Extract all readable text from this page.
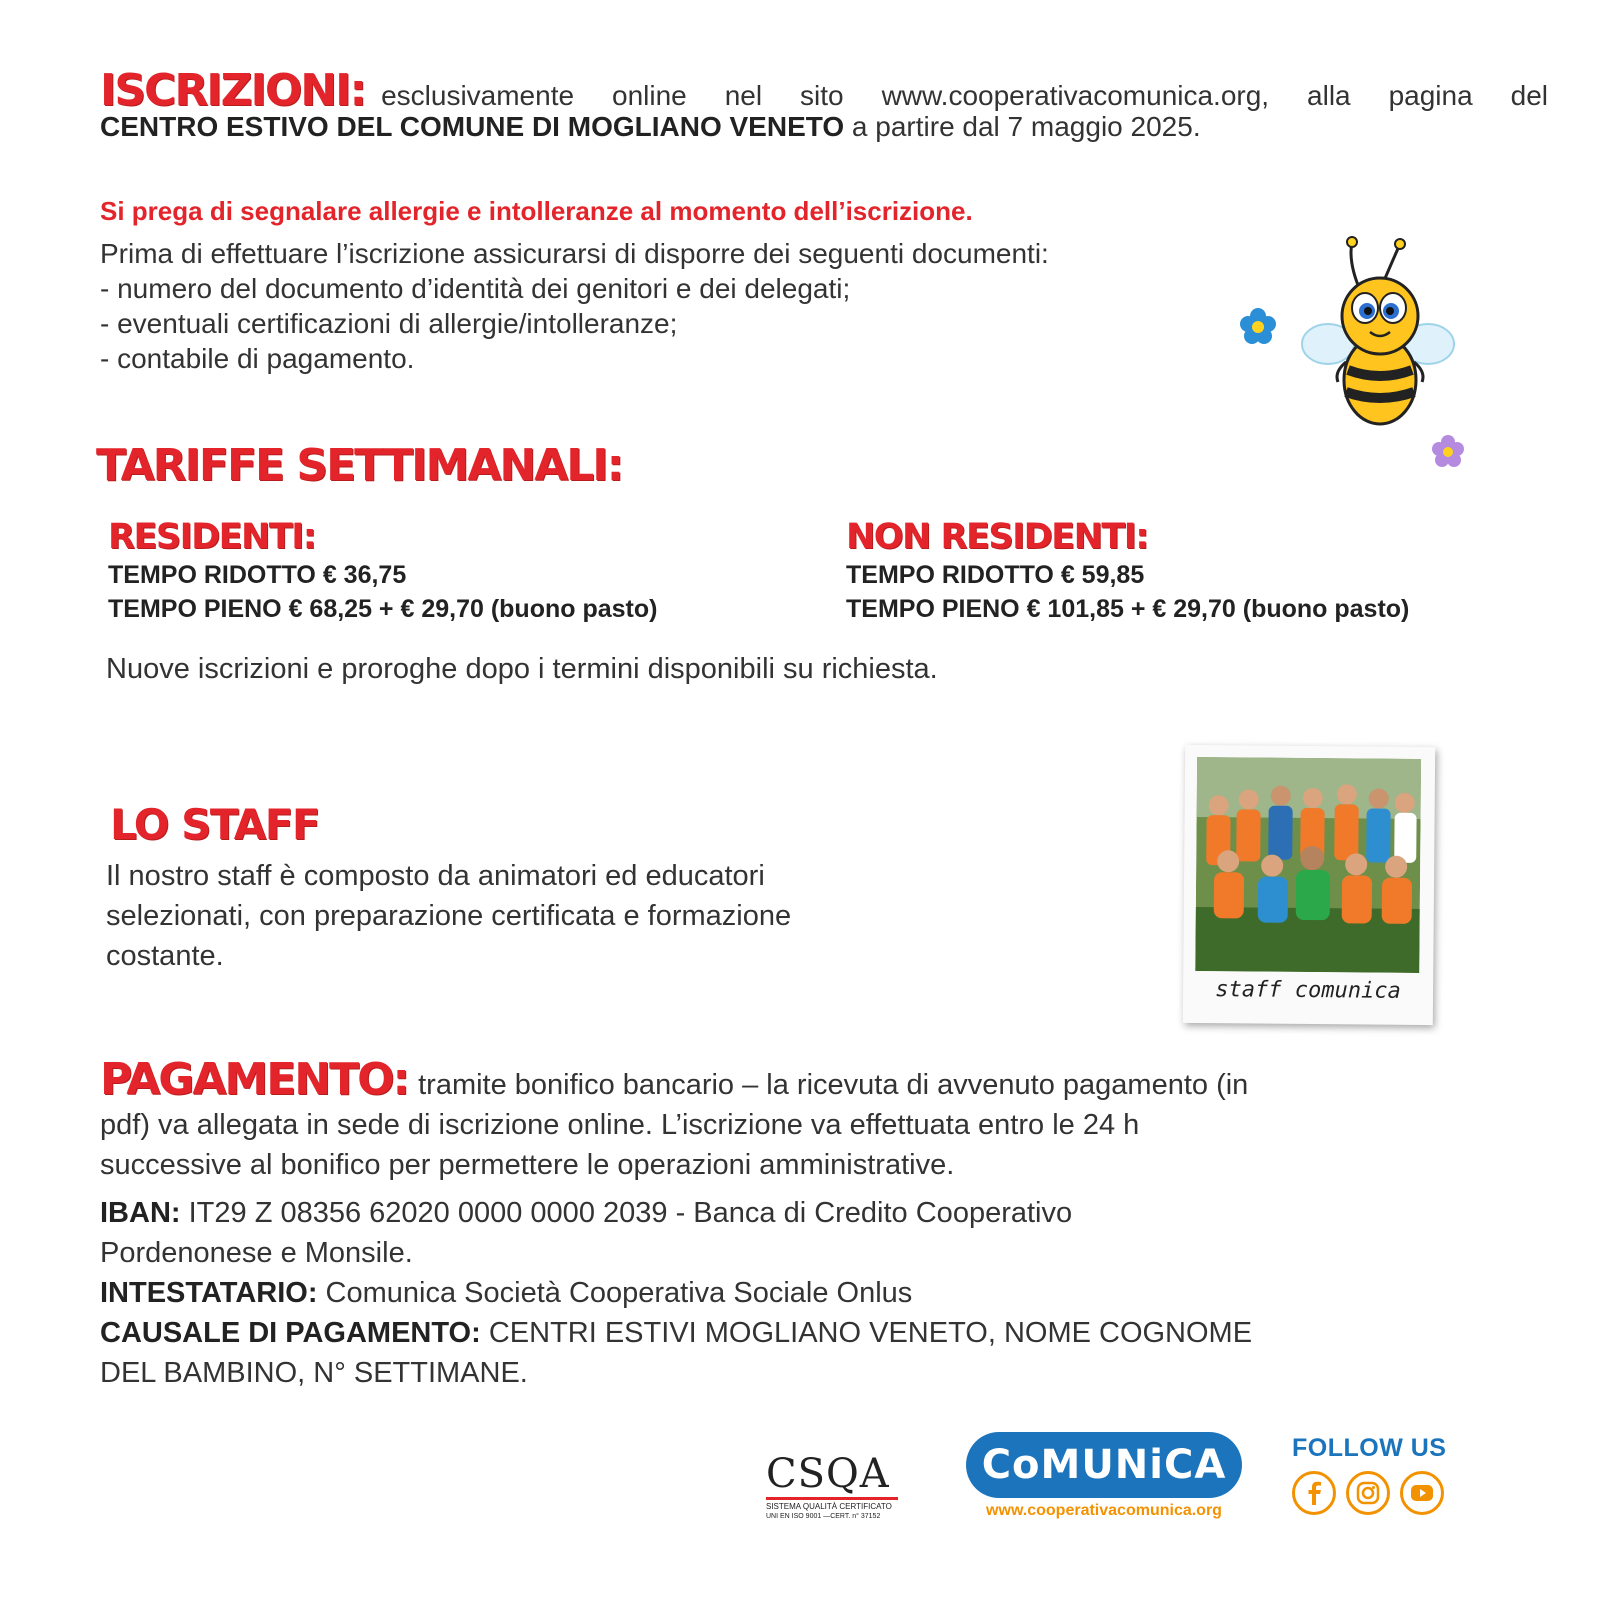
ISCRIZIONI: esclusivamente online nel sito www.cooperativacomunica.org, alla pagina del
CENTRO ESTIVO DEL COMUNE DI MOGLIANO VENETO a partire dal 7 maggio 2025.
Si prega di segnalare allergie e intolleranze al momento dell’iscrizione.
Prima di effettuare l’iscrizione assicurarsi di disporre dei seguenti documenti:
- numero del documento d’identità dei genitori e dei delegati;
- eventuali certificazioni di allergie/intolleranze;
- contabile di pagamento.
TARIFFE SETTIMANALI:
RESIDENTI:
TEMPO RIDOTTO € 36,75
TEMPO PIENO € 68,25 + € 29,70 (buono pasto)
NON RESIDENTI:
TEMPO RIDOTTO € 59,85
TEMPO PIENO € 101,85 + € 29,70 (buono pasto)
Nuove iscrizioni e proroghe dopo i termini disponibili su richiesta.
LO STAFF
Il nostro staff è composto da animatori ed educatori
selezionati, con preparazione certificata e formazione
costante.
staff comunica
PAGAMENTO: tramite bonifico bancario – la ricevuta di avvenuto pagamento (in
pdf) va allegata in sede di iscrizione online. L’iscrizione va effettuata entro le 24 h
successive al bonifico per permettere le operazioni amministrative.
IBAN: IT29 Z 08356 62020 0000 0000 2039 - Banca di Credito Cooperativo
Pordenonese e Monsile.
INTESTATARIO: Comunica Società Cooperativa Sociale Onlus
CAUSALE DI PAGAMENTO: CENTRI ESTIVI MOGLIANO VENETO, NOME COGNOME
DEL BAMBINO, N° SETTIMANE.
CSQA
SISTEMA QUALITÀ CERTIFICATO
UNI EN ISO 9001 —CERT. n° 37152
CoMUNiCA
www.cooperativacomunica.org
FOLLOW US
